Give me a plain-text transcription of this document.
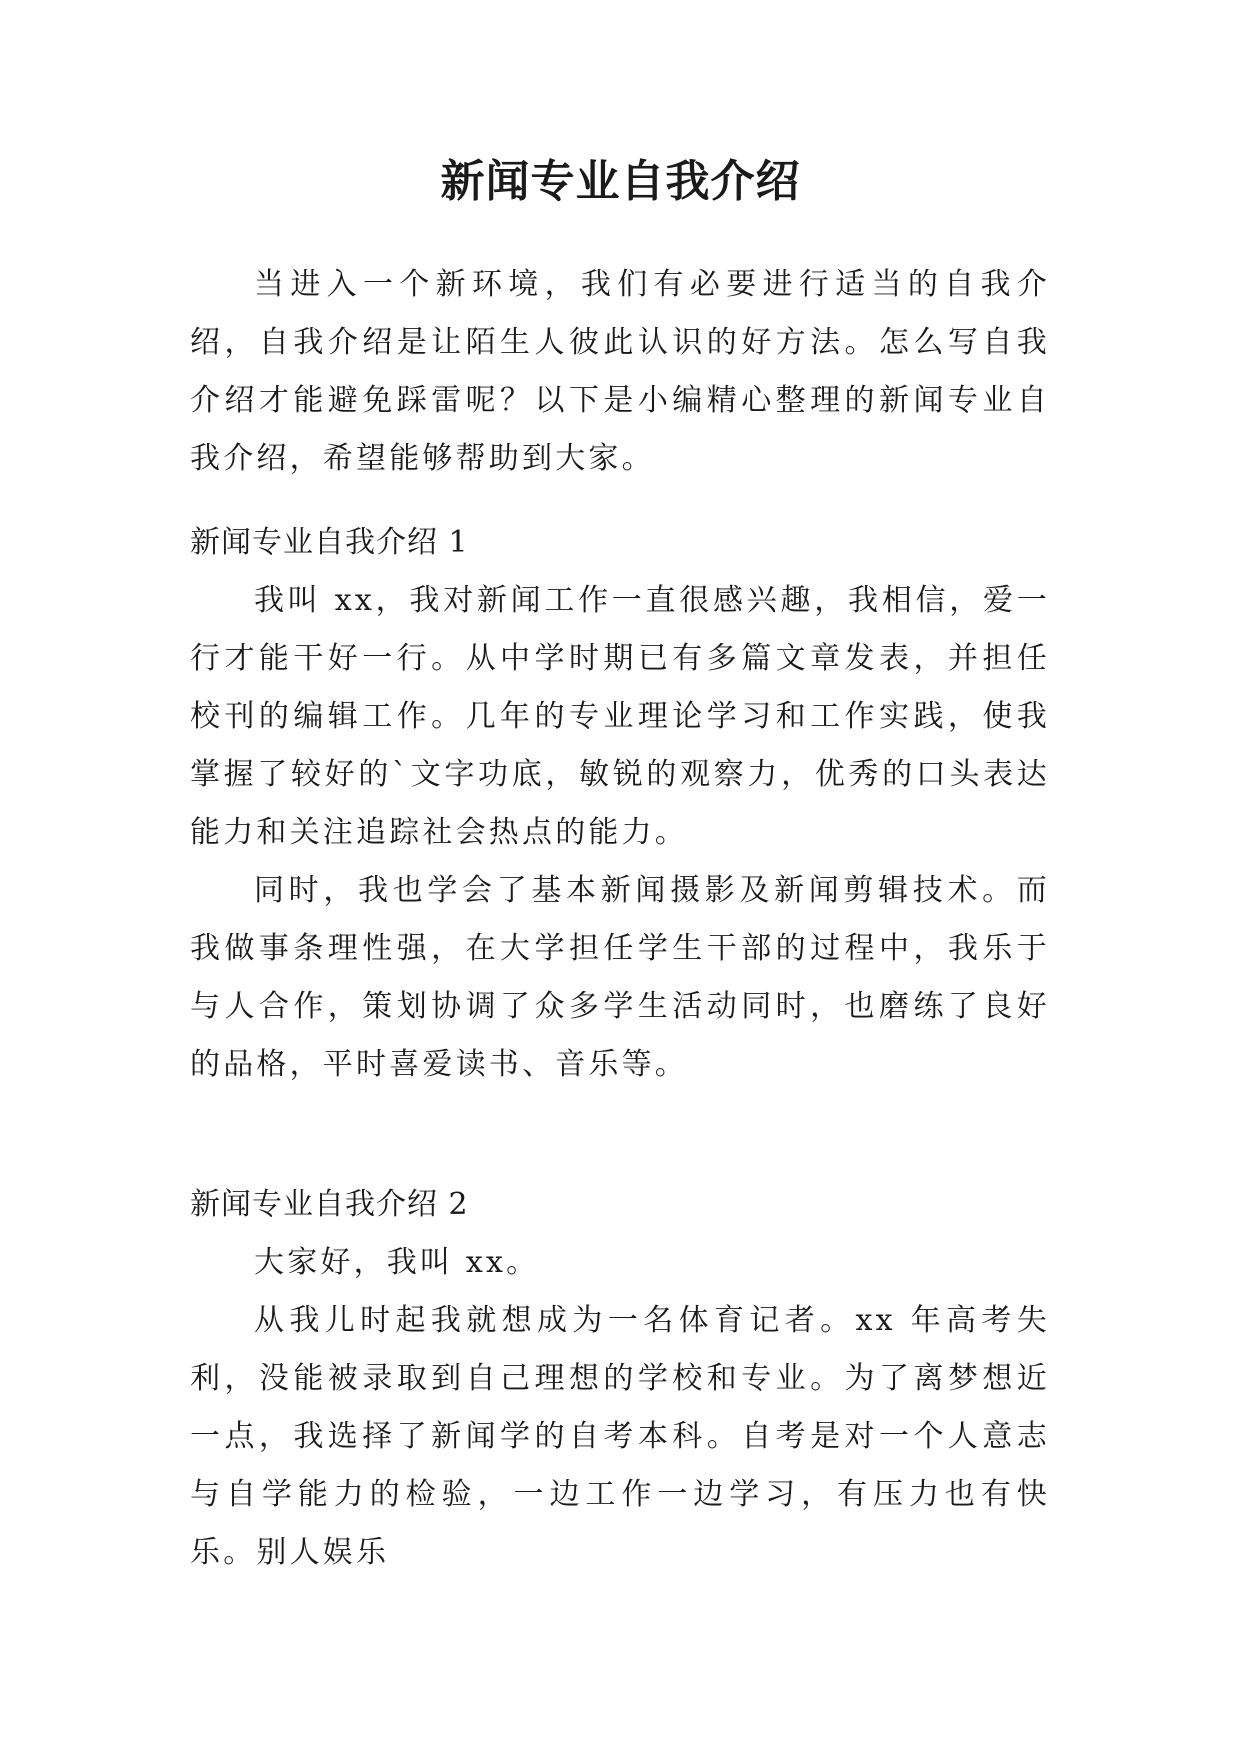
新闻专业自我介绍

当进入一个新环境，我们有必要进行适当的自我介绍，自我介绍是让陌生人彼此认识的好方法。怎么写自我介绍才能避免踩雷呢？以下是小编精心整理的新闻专业自我介绍，希望能够帮助到大家。

新闻专业自我介绍 1

我叫 xx，我对新闻工作一直很感兴趣，我相信，爱一行才能干好一行。从中学时期已有多篇文章发表，并担任校刊的编辑工作。几年的专业理论学习和工作实践，使我掌握了较好的`文字功底，敏锐的观察力，优秀的口头表达能力和关注追踪社会热点的能力。

同时，我也学会了基本新闻摄影及新闻剪辑技术。而我做事条理性强，在大学担任学生干部的过程中，我乐于与人合作，策划协调了众多学生活动同时，也磨练了良好的品格，平时喜爱读书、音乐等。

新闻专业自我介绍 2

大家好，我叫 xx。

从我儿时起我就想成为一名体育记者。xx 年高考失利，没能被录取到自己理想的学校和专业。为了离梦想近一点，我选择了新闻学的自考本科。自考是对一个人意志与自学能力的检验，一边工作一边学习，有压力也有快乐。别人娱乐
